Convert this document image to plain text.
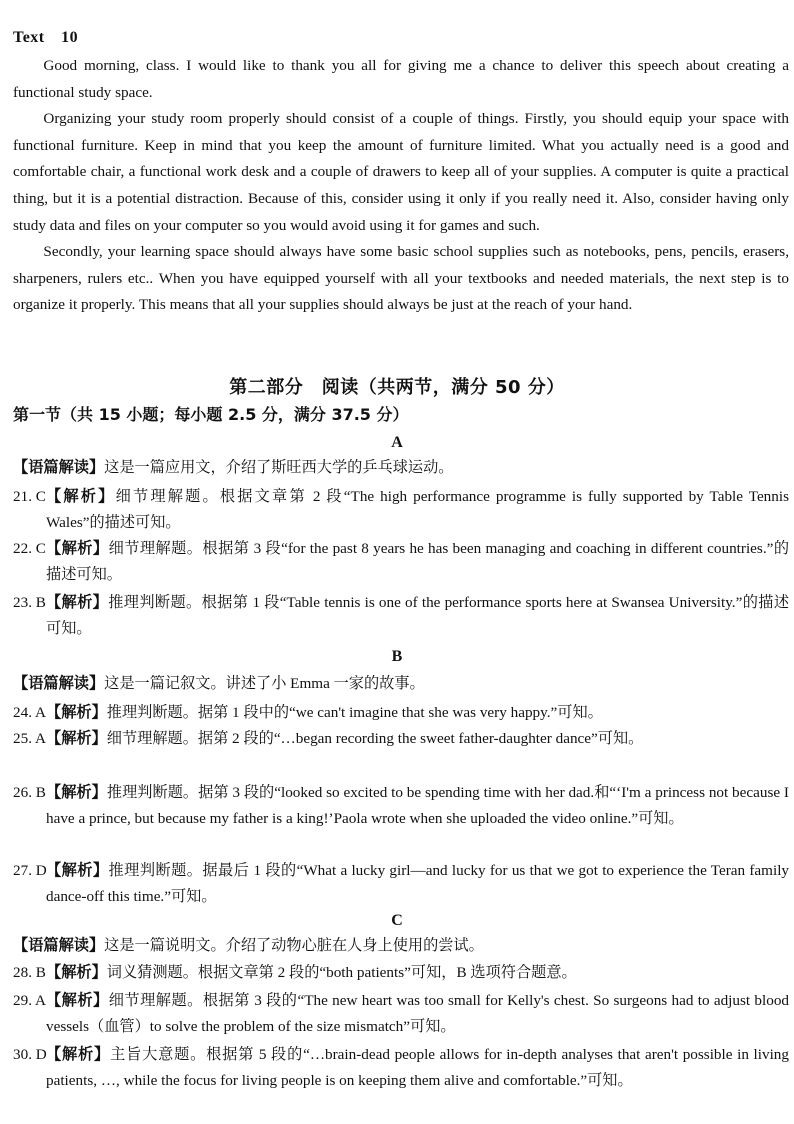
Text　10

Good morning, class. I would like to thank you all for giving me a chance to deliver this speech about creating a functional study space.

Organizing your study room properly should consist of a couple of things. Firstly, you should equip your space with functional furniture. Keep in mind that you keep the amount of furniture limited. What you actually need is a good and comfortable chair, a functional work desk and a couple of drawers to keep all of your supplies. A computer is quite a practical thing, but it is a potential distraction. Because of this, consider using it only if you really need it. Also, consider having only study data and files on your computer so you would avoid using it for games and such.

Secondly, your learning space should always have some basic school supplies such as notebooks, pens, pencils, erasers, sharpeners, rulers etc.. When you have equipped yourself with all your textbooks and needed materials, the next step is to organize it properly. This means that all your supplies should always be just at the reach of your hand.

第二部分　阅读（共两节，满分 50 分）
第一节（共 15 小题；每小题 2.5 分，满分 37.5 分）
A
【语篇解读】这是一篇应用文，介绍了斯旺西大学的乒乓球运动。
21. C 【解析】细节理解题。根据文章第 2 段“The high performance programme is fully supported by Table Tennis Wales”的描述可知。
22. C 【解析】细节理解题。根据第 3 段“for the past 8 years he has been managing and coaching in different countries.”的描述可知。
23. B 【解析】推理判断题。根据第 1 段“Table tennis is one of the performance sports here at Swansea University.”的描述可知。
B
【语篇解读】这是一篇记叙文。讲述了小 Emma 一家的故事。
24. A 【解析】推理判断题。据第 1 段中的“we can't imagine that she was very happy.”可知。
25. A 【解析】细节理解题。据第 2 段的“…began recording the sweet father-daughter dance”可知。
26. B 【解析】推理判断题。据第 3 段的“looked so excited to be spending time with her dad.和“‘I'm a princess not because I have a prince, but because my father is a king!’Paola wrote when she uploaded the video online.”可知。
27. D 【解析】推理判断题。据最后 1 段的“What a lucky girl—and lucky for us that we got to experience the Teran family dance-off this time.”可知。
C
【语篇解读】这是一篇说明文。介绍了动物心脏在人身上使用的尝试。
28. B 【解析】词义猜测题。根据文章第 2 段的“both patients”可知，B 选项符合题意。
29. A 【解析】细节理解题。根据第 3 段的“The new heart was too small for Kelly's chest. So surgeons had to adjust blood vessels（血管）to solve the problem of the size mismatch”可知。
30. D 【解析】主旨大意题。根据第 5 段的“…brain-dead people allows for in-depth analyses that aren't possible in living patients, …, while the focus for living people is on keeping them alive and comfortable.”可知。
